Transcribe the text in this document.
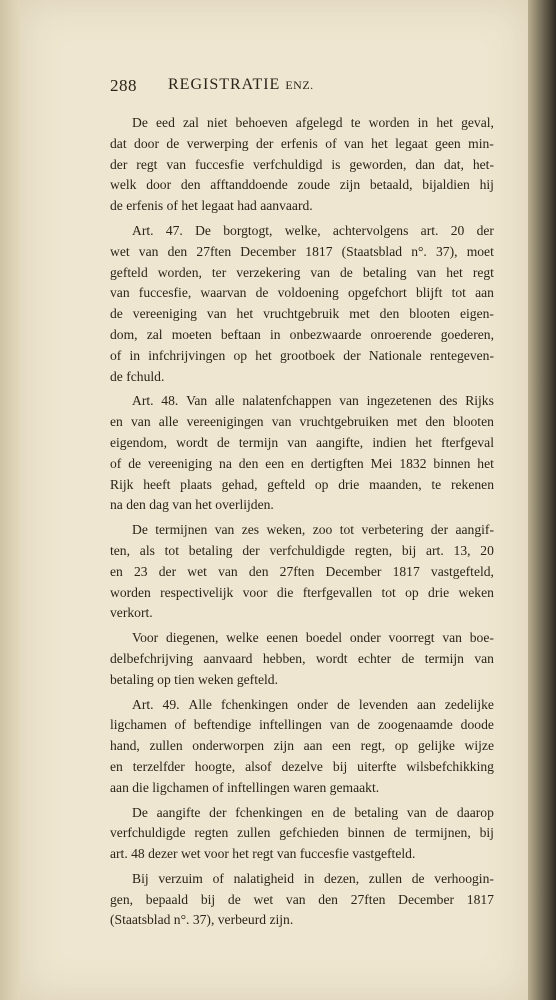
288 REGISTRATIE ENZ.
De eed zal niet behoeven afgelegd te worden in het geval,
dat door de verwerping der erfenis of van het legaat geen min-
der regt van fuccesfie verfchuldigd is geworden, dan dat, het-
welk door den afftanddoende zoude zijn betaald, bijaldien hij
de erfenis of het legaat had aanvaard.
Art. 47. De borgtogt, welke, achtervolgens art. 20 der
wet van den 27ften December 1817 (Staatsblad n°. 37), moet
gefteld worden, ter verzekering van de betaling van het regt
van fuccesfie, waarvan de voldoening opgefchort blijft tot aan
de vereeniging van het vruchtgebruik met den blooten eigen-
dom, zal moeten beftaan in onbezwaarde onroerende goederen,
of in infchrijvingen op het grootboek der Nationale rentegeven-
de fchuld.
Art. 48. Van alle nalatenfchappen van ingezetenen des Rijks
en van alle vereenigingen van vruchtgebruiken met den blooten
eigendom, wordt de termijn van aangifte, indien het fterfgeval
of de vereeniging na den een en dertigften Mei 1832 binnen het
Rijk heeft plaats gehad, gefteld op drie maanden, te rekenen
na den dag van het overlijden.
De termijnen van zes weken, zoo tot verbetering der aangif-
ten, als tot betaling der verfchuldigde regten, bij art. 13, 20
en 23 der wet van den 27ften December 1817 vastgefteld,
worden respectivelijk voor die fterfgevallen tot op drie weken
verkort.
Voor diegenen, welke eenen boedel onder voorregt van boe-
delbefchrijving aanvaard hebben, wordt echter de termijn van
betaling op tien weken gefteld.
Art. 49. Alle fchenkingen onder de levenden aan zedelijke
ligchamen of beftendige inftellingen van de zoogenaamde doode
hand, zullen onderworpen zijn aan een regt, op gelijke wijze
en terzelfder hoogte, alsof dezelve bij uiterfte wilsbefchikking
aan die ligchamen of inftellingen waren gemaakt.
De aangifte der fchenkingen en de betaling van de daarop
verfchuldigde regten zullen gefchieden binnen de termijnen, bij
art. 48 dezer wet voor het regt van fuccesfie vastgefteld.
Bij verzuim of nalatigheid in dezen, zullen de verhoogin-
gen, bepaald bij de wet van den 27ften December 1817
(Staatsblad n°. 37), verbeurd zijn.
